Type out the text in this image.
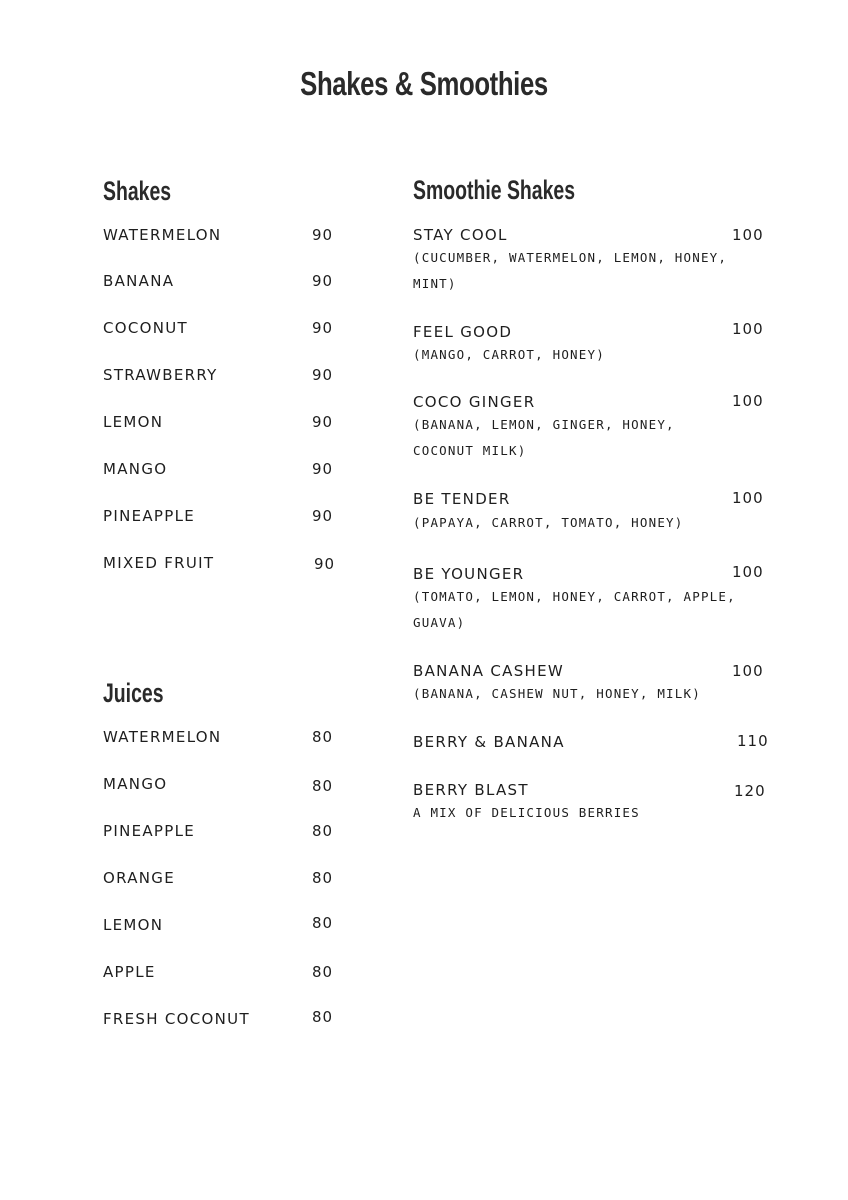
Shakes & Smoothies
Shakes
WATERMELON	90
BANANA	90
COCONUT	90
STRAWBERRY	90
LEMON	90
MANGO	90
PINEAPPLE	90
MIXED FRUIT	90
Juices
WATERMELON	80
MANGO	80
PINEAPPLE	80
ORANGE	80
LEMON	80
APPLE	80
FRESH COCONUT	80
Smoothie Shakes
STAY COOL	100
(CUCUMBER, WATERMELON, LEMON, HONEY, MINT)
FEEL GOOD	100
(MANGO, CARROT, HONEY)
COCO GINGER	100
(BANANA, LEMON, GINGER, HONEY, COCONUT MILK)
BE TENDER	100
(PAPAYA, CARROT, TOMATO, HONEY)
BE YOUNGER	100
(TOMATO, LEMON, HONEY, CARROT, APPLE, GUAVA)
BANANA CASHEW	100
(BANANA, CASHEW NUT, HONEY, MILK)
BERRY & BANANA	110
BERRY BLAST	120
A MIX OF DELICIOUS BERRIES
